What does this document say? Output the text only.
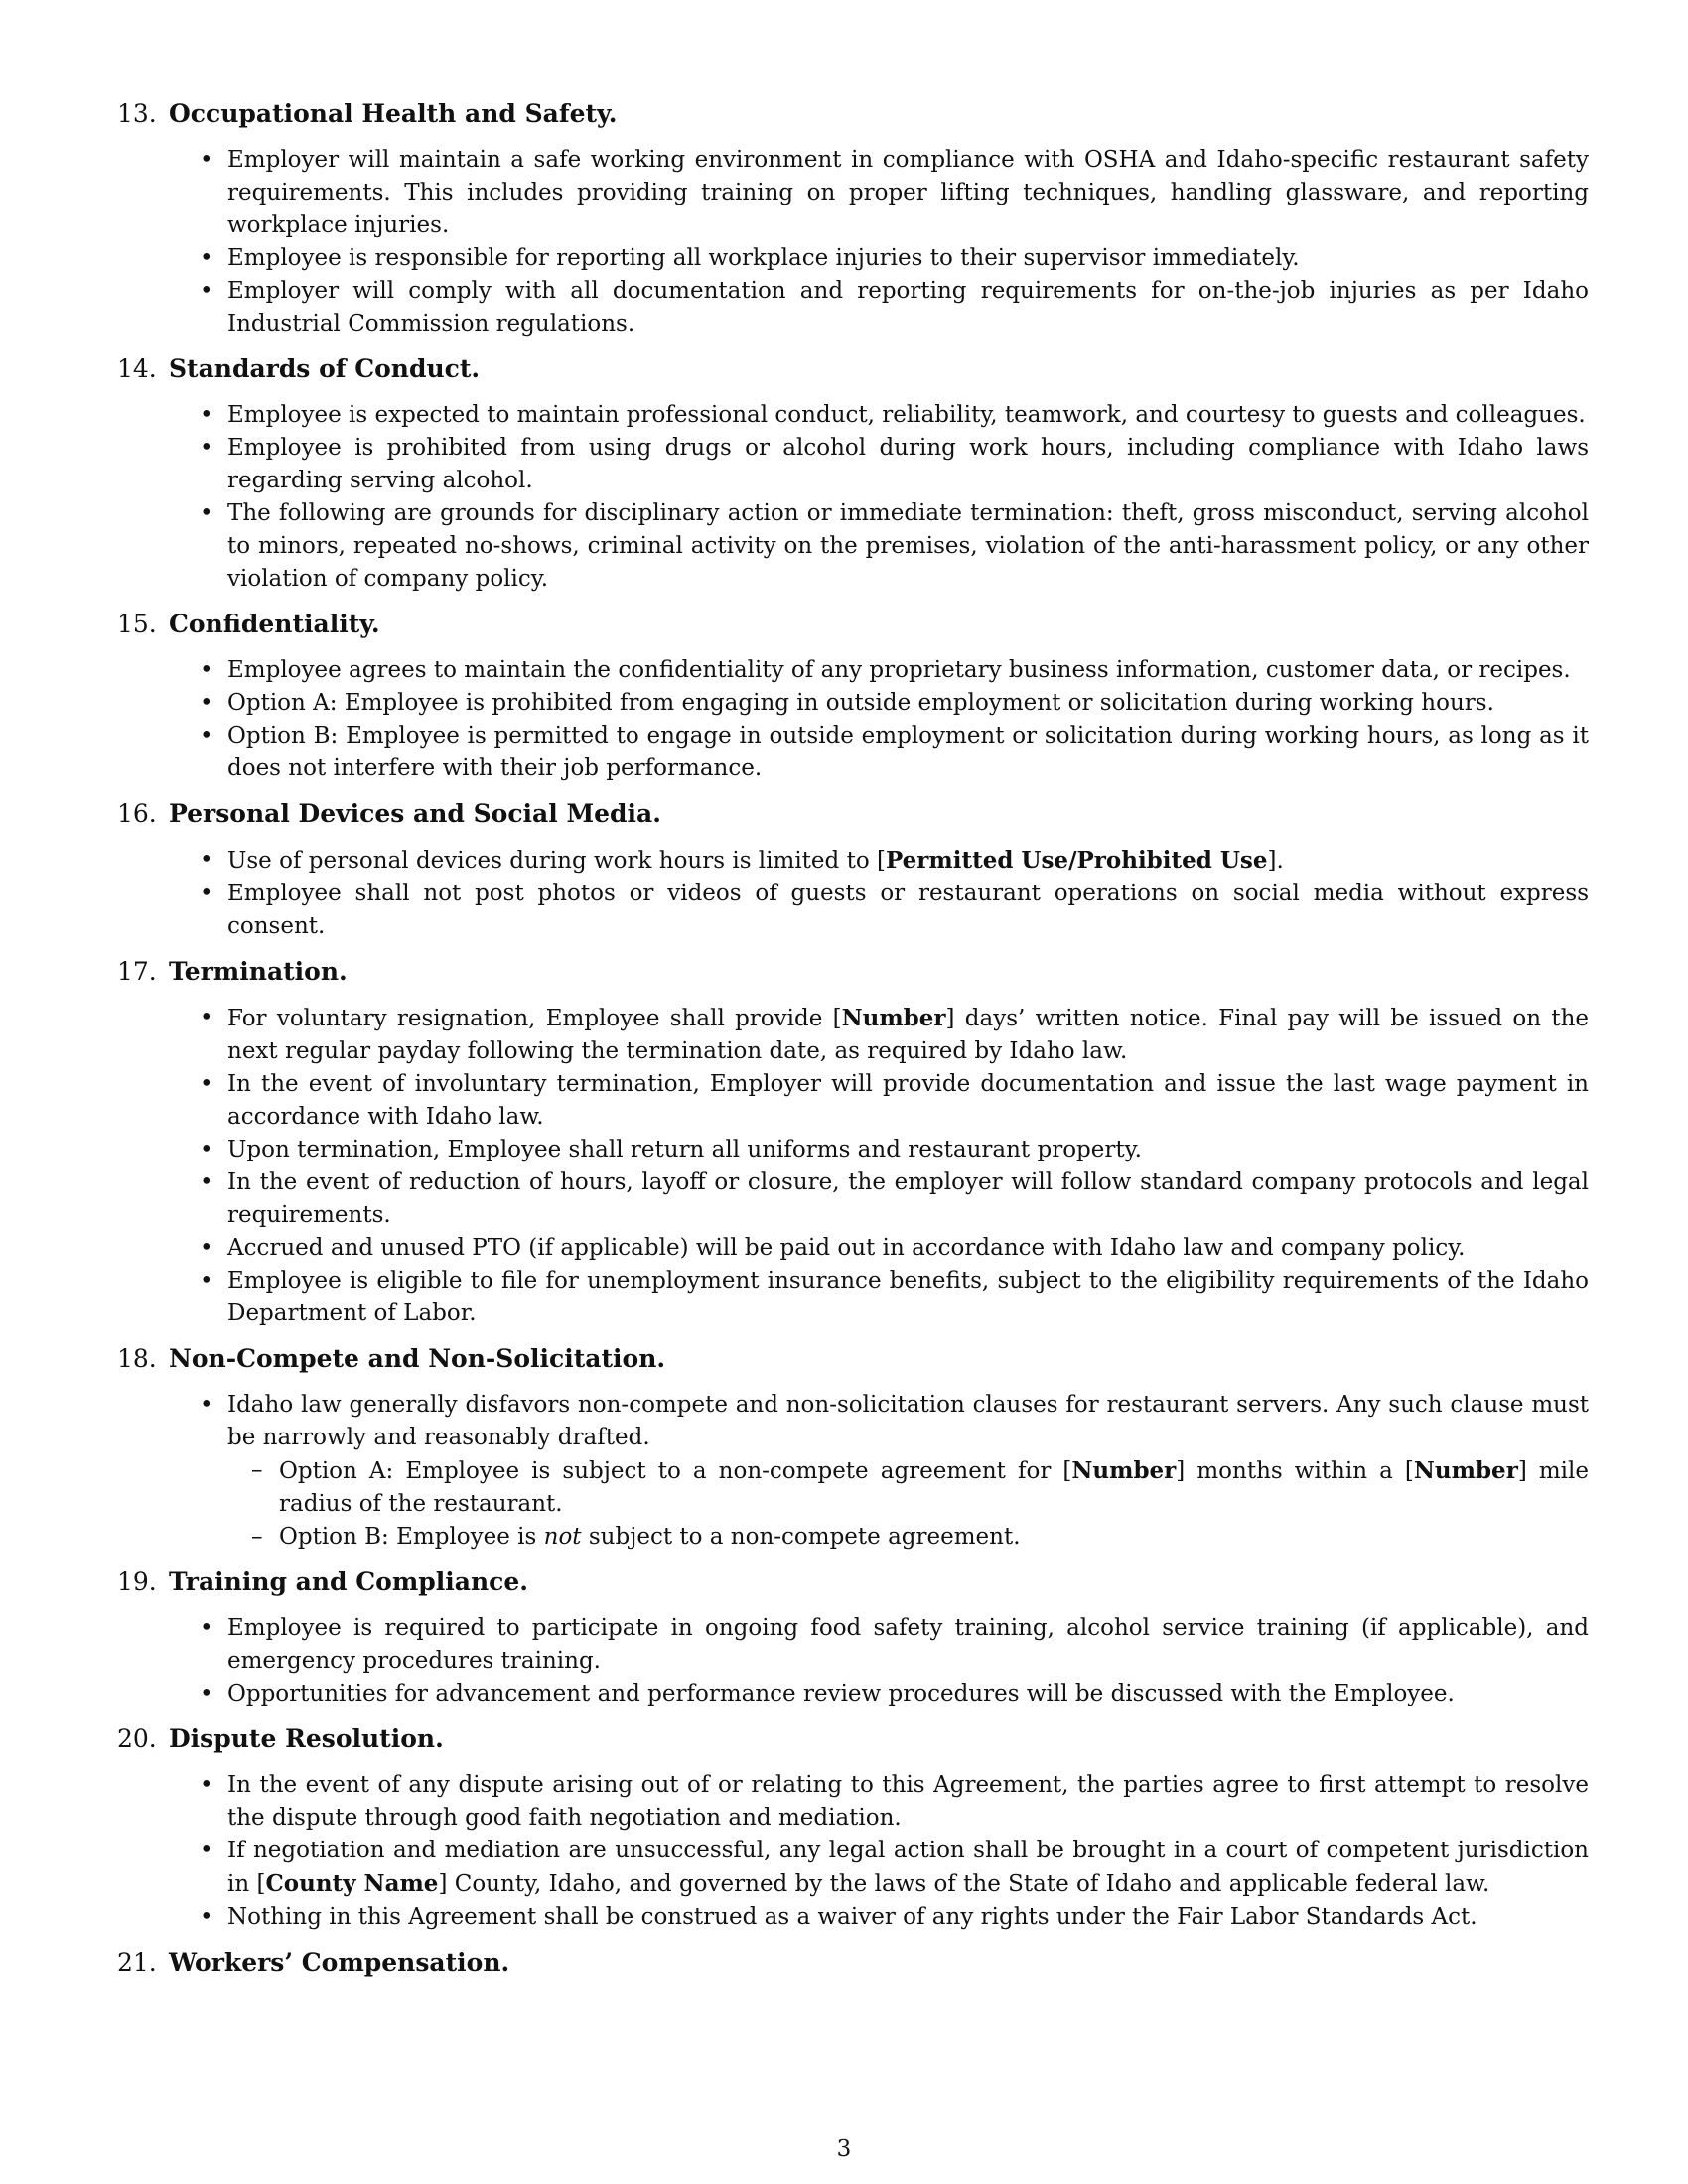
13. Occupational Health and Safety.
• Employer will maintain a safe working environment in compliance with OSHA and Idaho-specific restaurant safety requirements. This includes providing training on proper lifting techniques, handling glassware, and reporting workplace injuries.
• Employee is responsible for reporting all workplace injuries to their supervisor immediately.
• Employer will comply with all documentation and reporting requirements for on-the-job injuries as per Idaho Industrial Commission regulations.
14. Standards of Conduct.
• Employee is expected to maintain professional conduct, reliability, teamwork, and courtesy to guests and colleagues.
• Employee is prohibited from using drugs or alcohol during work hours, including compliance with Idaho laws regarding serving alcohol.
• The following are grounds for disciplinary action or immediate termination: theft, gross misconduct, serving alcohol to minors, repeated no-shows, criminal activity on the premises, violation of the anti-harassment policy, or any other violation of company policy.
15. Confidentiality.
• Employee agrees to maintain the confidentiality of any proprietary business information, customer data, or recipes.
• Option A: Employee is prohibited from engaging in outside employment or solicitation during working hours.
• Option B: Employee is permitted to engage in outside employment or solicitation during working hours, as long as it does not interfere with their job performance.
16. Personal Devices and Social Media.
• Use of personal devices during work hours is limited to [Permitted Use/Prohibited Use].
• Employee shall not post photos or videos of guests or restaurant operations on social media without express consent.
17. Termination.
• For voluntary resignation, Employee shall provide [Number] days’ written notice. Final pay will be issued on the next regular payday following the termination date, as required by Idaho law.
• In the event of involuntary termination, Employer will provide documentation and issue the last wage payment in accordance with Idaho law.
• Upon termination, Employee shall return all uniforms and restaurant property.
• In the event of reduction of hours, layoff or closure, the employer will follow standard company protocols and legal requirements.
• Accrued and unused PTO (if applicable) will be paid out in accordance with Idaho law and company policy.
• Employee is eligible to file for unemployment insurance benefits, subject to the eligibility requirements of the Idaho Department of Labor.
18. Non-Compete and Non-Solicitation.
• Idaho law generally disfavors non-compete and non-solicitation clauses for restaurant servers. Any such clause must be narrowly and reasonably drafted.
– Option A: Employee is subject to a non-compete agreement for [Number] months within a [Number] mile radius of the restaurant.
– Option B: Employee is not subject to a non-compete agreement.
19. Training and Compliance.
• Employee is required to participate in ongoing food safety training, alcohol service training (if applicable), and emergency procedures training.
• Opportunities for advancement and performance review procedures will be discussed with the Employee.
20. Dispute Resolution.
• In the event of any dispute arising out of or relating to this Agreement, the parties agree to first attempt to resolve the dispute through good faith negotiation and mediation.
• If negotiation and mediation are unsuccessful, any legal action shall be brought in a court of competent jurisdiction in [County Name] County, Idaho, and governed by the laws of the State of Idaho and applicable federal law.
• Nothing in this Agreement shall be construed as a waiver of any rights under the Fair Labor Standards Act.
21. Workers’ Compensation.
3
